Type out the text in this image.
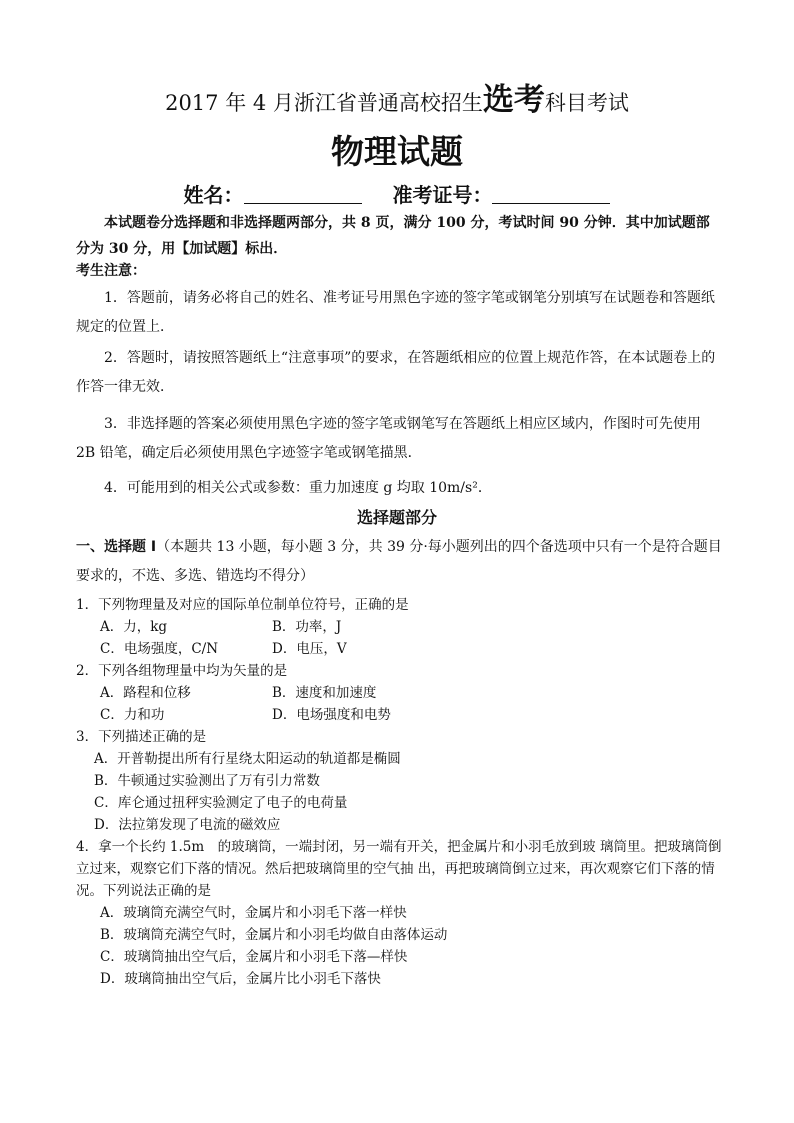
2017 年 4 月浙江省普通高校招生选考科目考试
物理试题
姓名：	准考证号：
本试题卷分选择题和非选择题两部分，共 8 页，满分 100 分，考试时间 90 分钟．其中加试题部分为 30 分，用【加试题】标出．
考生注意：
1．答题前，请务必将自己的姓名、准考证号用黑色字迹的签字笔或钢笔分别填写在试题卷和答题纸规定的位置上．
2．答题时，请按照答题纸上“注意事项”的要求，在答题纸相应的位置上规范作答，在本试题卷上的作答一律无效．
3．非选择题的答案必须使用黑色字迹的签字笔或钢笔写在答题纸上相应区域内，作图时可先使用 2B 铅笔，确定后必须使用黑色字迹签字笔或钢笔描黑．
4．可能用到的相关公式或参数：重力加速度 g 均取 10m/s²．
选择题部分
一、选择题 I（本题共 13 小题，每小题 3 分，共 39 分·每小题列出的四个备选项中只有一个是符合题目要求的，不选、多选、错选均不得分）
1．下列物理量及对应的国际单位制单位符号，正确的是
A．力，kg	B．功率，J
C．电场强度，C/N	D．电压，V
2．下列各组物理量中均为矢量的是
A．路程和位移	B．速度和加速度
C．力和功	D．电场强度和电势
3．下列描述正确的是
A．开普勒提出所有行星绕太阳运动的轨道都是椭圆
B．牛顿通过实验测出了万有引力常数
C．库仑通过扭秤实验测定了电子的电荷量
D．法拉第发现了电流的磁效应
4．拿一个长约 1.5m　的玻璃筒，一端封闭，另一端有开关，把金属片和小羽毛放到玻 璃筒里。把玻璃筒倒立过来，观察它们下落的情况。然后把玻璃筒里的空气抽 出，再把玻璃筒倒立过来，再次观察它们下落的情况。下列说法正确的是
A．玻璃筒充满空气时，金属片和小羽毛下落一样快
B．玻璃筒充满空气时，金属片和小羽毛均做自由落体运动
C．玻璃筒抽出空气后，金属片和小羽毛下落—样快
D．玻璃筒抽出空气后，金属片比小羽毛下落快
